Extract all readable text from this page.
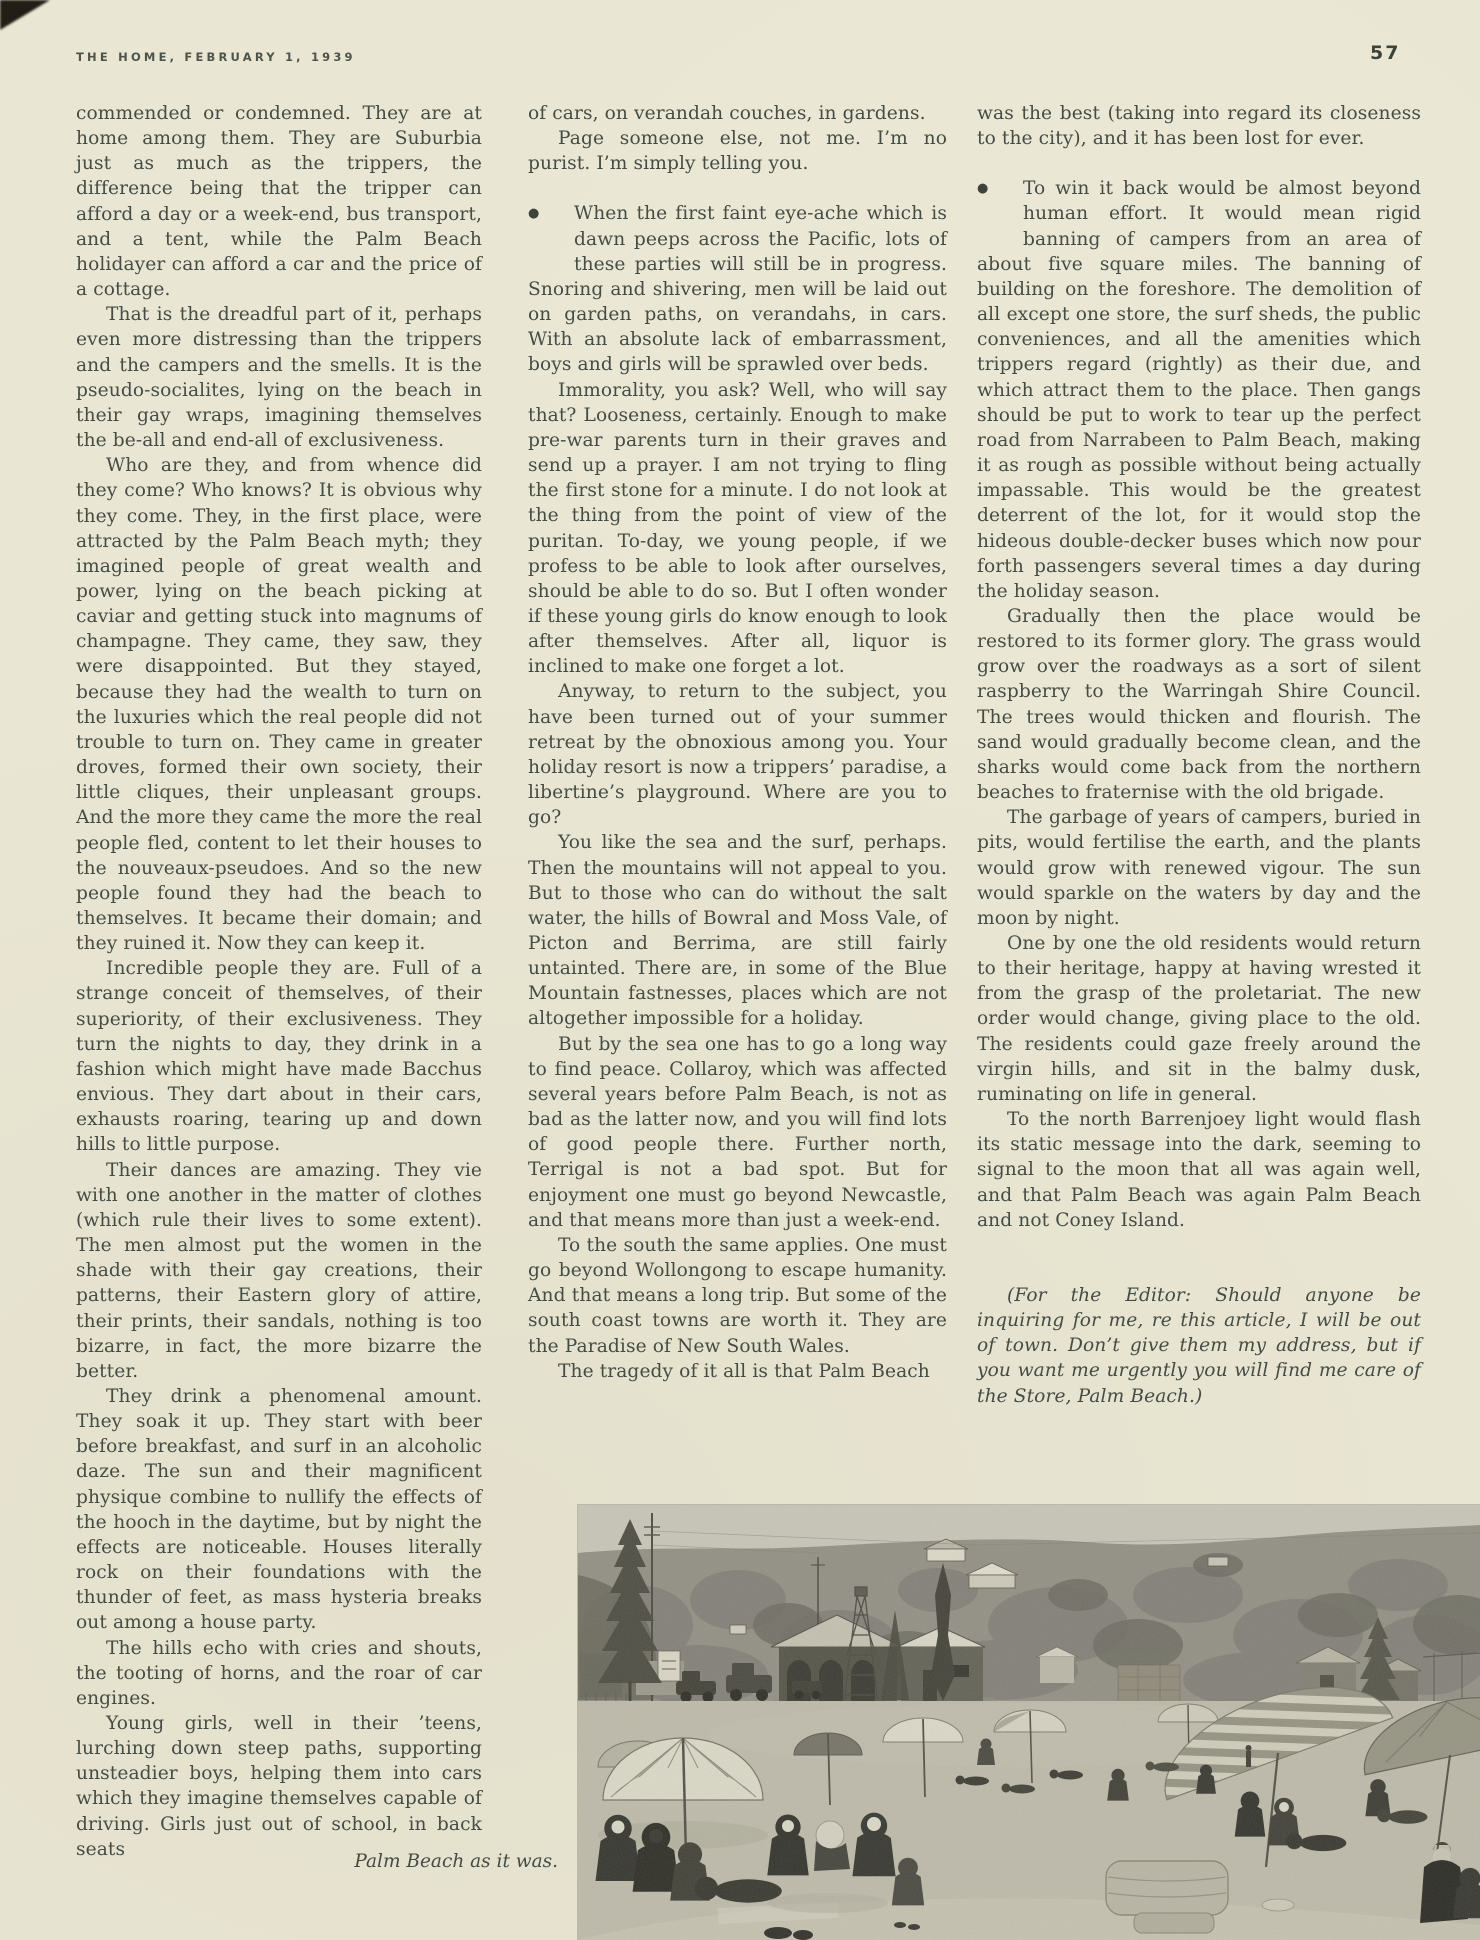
THE HOME, FEBRUARY 1, 1939	57

commended or condemned. They are at home among them. They are Suburbia just as much as the trippers, the difference being that the tripper can afford a day or a week-end, bus transport, and a tent, while the Palm Beach holidayer can afford a car and the price of a cottage.

That is the dreadful part of it, perhaps even more distressing than the trippers and the campers and the smells. It is the pseudo-socialites, lying on the beach in their gay wraps, imagining themselves the be-all and end-all of exclusiveness.

Who are they, and from whence did they come? Who knows? It is obvious why they come. They, in the first place, were attracted by the Palm Beach myth; they imagined people of great wealth and power, lying on the beach picking at caviar and getting stuck into magnums of champagne. They came, they saw, they were disappointed. But they stayed, because they had the wealth to turn on the luxuries which the real people did not trouble to turn on. They came in greater droves, formed their own society, their little cliques, their unpleasant groups. And the more they came the more the real people fled, content to let their houses to the nouveaux-pseudoes. And so the new people found they had the beach to themselves. It became their domain; and they ruined it. Now they can keep it.

Incredible people they are. Full of a strange conceit of themselves, of their superiority, of their exclusiveness. They turn the nights to day, they drink in a fashion which might have made Bacchus envious. They dart about in their cars, exhausts roaring, tearing up and down hills to little purpose.

Their dances are amazing. They vie with one another in the matter of clothes (which rule their lives to some extent). The men almost put the women in the shade with their gay creations, their patterns, their Eastern glory of attire, their prints, their sandals, nothing is too bizarre, in fact, the more bizarre the better.

They drink a phenomenal amount. They soak it up. They start with beer before breakfast, and surf in an alcoholic daze. The sun and their magnificent physique combine to nullify the effects of the hooch in the daytime, but by night the effects are noticeable. Houses literally rock on their foundations with the thunder of feet, as mass hysteria breaks out among a house party.

The hills echo with cries and shouts, the tooting of horns, and the roar of car engines.

Young girls, well in their ’teens, lurching down steep paths, supporting unsteadier boys, helping them into cars which they imagine themselves capable of driving. Girls just out of school, in back seats

of cars, on verandah couches, in gardens.

Page someone else, not me. I’m no purist. I’m simply telling you.

●	When the first faint eye-ache which is dawn peeps across the Pacific, lots of these parties will still be in progress. Snoring and shivering, men will be laid out on garden paths, on verandahs, in cars. With an absolute lack of embarrassment, boys and girls will be sprawled over beds.

Immorality, you ask? Well, who will say that? Looseness, certainly. Enough to make pre-war parents turn in their graves and send up a prayer. I am not trying to fling the first stone for a minute. I do not look at the thing from the point of view of the puritan. To-day, we young people, if we profess to be able to look after ourselves, should be able to do so. But I often wonder if these young girls do know enough to look after themselves. After all, liquor is inclined to make one forget a lot.

Anyway, to return to the subject, you have been turned out of your summer retreat by the obnoxious among you. Your holiday resort is now a trippers’ paradise, a libertine’s playground. Where are you to go?

You like the sea and the surf, perhaps. Then the mountains will not appeal to you. But to those who can do without the salt water, the hills of Bowral and Moss Vale, of Picton and Berrima, are still fairly untainted. There are, in some of the Blue Mountain fastnesses, places which are not altogether impossible for a holiday.

But by the sea one has to go a long way to find peace. Collaroy, which was affected several years before Palm Beach, is not as bad as the latter now, and you will find lots of good people there. Further north, Terrigal is not a bad spot. But for enjoyment one must go beyond Newcastle, and that means more than just a week-end.

To the south the same applies. One must go beyond Wollongong to escape humanity. And that means a long trip. But some of the south coast towns are worth it. They are the Paradise of New South Wales.

The tragedy of it all is that Palm Beach

was the best (taking into regard its closeness to the city), and it has been lost for ever.

●	To win it back would be almost beyond human effort. It would mean rigid banning of campers from an area of about five square miles. The banning of building on the foreshore. The demolition of all except one store, the surf sheds, the public conveniences, and all the amenities which trippers regard (rightly) as their due, and which attract them to the place. Then gangs should be put to work to tear up the perfect road from Narrabeen to Palm Beach, making it as rough as possible without being actually impassable. This would be the greatest deterrent of the lot, for it would stop the hideous double-decker buses which now pour forth passengers several times a day during the holiday season.

Gradually then the place would be restored to its former glory. The grass would grow over the roadways as a sort of silent raspberry to the Warringah Shire Council. The trees would thicken and flourish. The sand would gradually become clean, and the sharks would come back from the northern beaches to fraternise with the old brigade.

The garbage of years of campers, buried in pits, would fertilise the earth, and the plants would grow with renewed vigour. The sun would sparkle on the waters by day and the moon by night.

One by one the old residents would return to their heritage, happy at having wrested it from the grasp of the proletariat. The new order would change, giving place to the old. The residents could gaze freely around the virgin hills, and sit in the balmy dusk, ruminating on life in general.

To the north Barrenjoey light would flash its static message into the dark, seeming to signal to the moon that all was again well, and that Palm Beach was again Palm Beach and not Coney Island.

(For the Editor: Should anyone be inquiring for me, re this article, I will be out of town. Don’t give them my address, but if you want me urgently you will find me care of the Store, Palm Beach.)

Palm Beach as it was.
